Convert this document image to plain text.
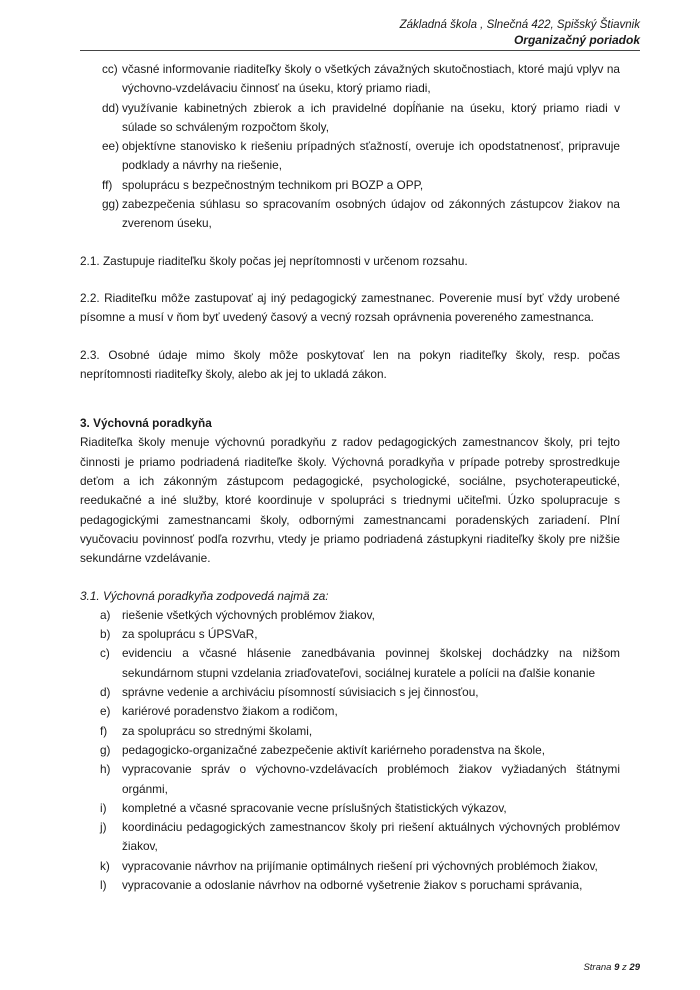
Základná škola , Slnečná 422, Spišský Štiavnik
Organizačný poriadok
cc) včasné informovanie riaditeľky školy o všetkých závažných skutočnostiach, ktoré majú vplyv na výchovno-vzdelávaciu činnosť na úseku, ktorý priamo riadi,
dd) využívanie kabinetných zbierok a ich pravidelné dopĺňanie na úseku, ktorý priamo riadi v súlade so schváleným rozpočtom školy,
ee) objektívne stanovisko k riešeniu prípadných sťažností, overuje ich opodstatnenosť, pripravuje podklady a návrhy na riešenie,
ff) spoluprácu s bezpečnostným technikom pri BOZP a OPP,
gg) zabezpečenia súhlasu so spracovaním osobných údajov od zákonných zástupcov žiakov na zverenom úseku,

2.1. Zastupuje riaditeľku školy počas jej neprítomnosti v určenom rozsahu.

2.2. Riaditeľku môže zastupovať aj iný pedagogický zamestnanec. Poverenie musí byť vždy urobené písomne a musí v ňom byť uvedený časový a vecný rozsah oprávnenia povereného zamestnanca.

2.3. Osobné údaje mimo školy môže poskytovať len na pokyn riaditeľky školy, resp. počas neprítomnosti riaditeľky školy, alebo ak jej to ukladá zákon.

3. Výchovná poradkyňa

Riaditeľka školy menuje výchovnú poradkyňu z radov pedagogických zamestnancov školy, pri tejto činnosti je priamo podriadená riaditeľke školy. Výchovná poradkyňa v prípade potreby sprostredkuje deťom a ich zákonným zástupcom pedagogické, psychologické, sociálne, psychoterapeutické, reedukačné a iné služby, ktoré koordinuje v spolupráci s triednymi učiteľmi. Úzko spolupracuje s pedagogickými zamestnancami školy, odbornými zamestnancami poradenských zariadení. Plní vyučovaciu povinnosť podľa rozvrhu, vtedy je priamo podriadená zástupkyni riaditeľky školy pre nižšie sekundárne vzdelávanie.

3.1. Výchovná poradkyňa zodpovedá najmä za:
a) riešenie všetkých výchovných problémov žiakov,
b) za spoluprácu s ÚPSVaR,
c) evidenciu a včasné hlásenie zanedbávania povinnej školskej dochádzky na nižšom sekundárnom stupni vzdelania zriaďovateľovi, sociálnej kuratele a polícii na ďalšie konanie
d) správne vedenie a archiváciu písomností súvisiacich s jej činnosťou,
e) kariérové poradenstvo žiakom a rodičom,
f) za spoluprácu so strednými školami,
g) pedagogicko-organizačné zabezpečenie aktivít kariérneho poradenstva na škole,
h) vypracovanie správ o výchovno-vzdelávacích problémoch žiakov vyžiadaných štátnymi orgánmi,
i) kompletné a včasné spracovanie vecne príslušných štatistických výkazov,
j) koordináciu pedagogických zamestnancov školy pri riešení aktuálnych výchovných problémov žiakov,
k) vypracovanie návrhov na prijímanie optimálnych riešení pri výchovných problémoch žiakov,
l) vypracovanie a odoslanie návrhov na odborné vyšetrenie žiakov s poruchami správania,
Strana 9 z 29
